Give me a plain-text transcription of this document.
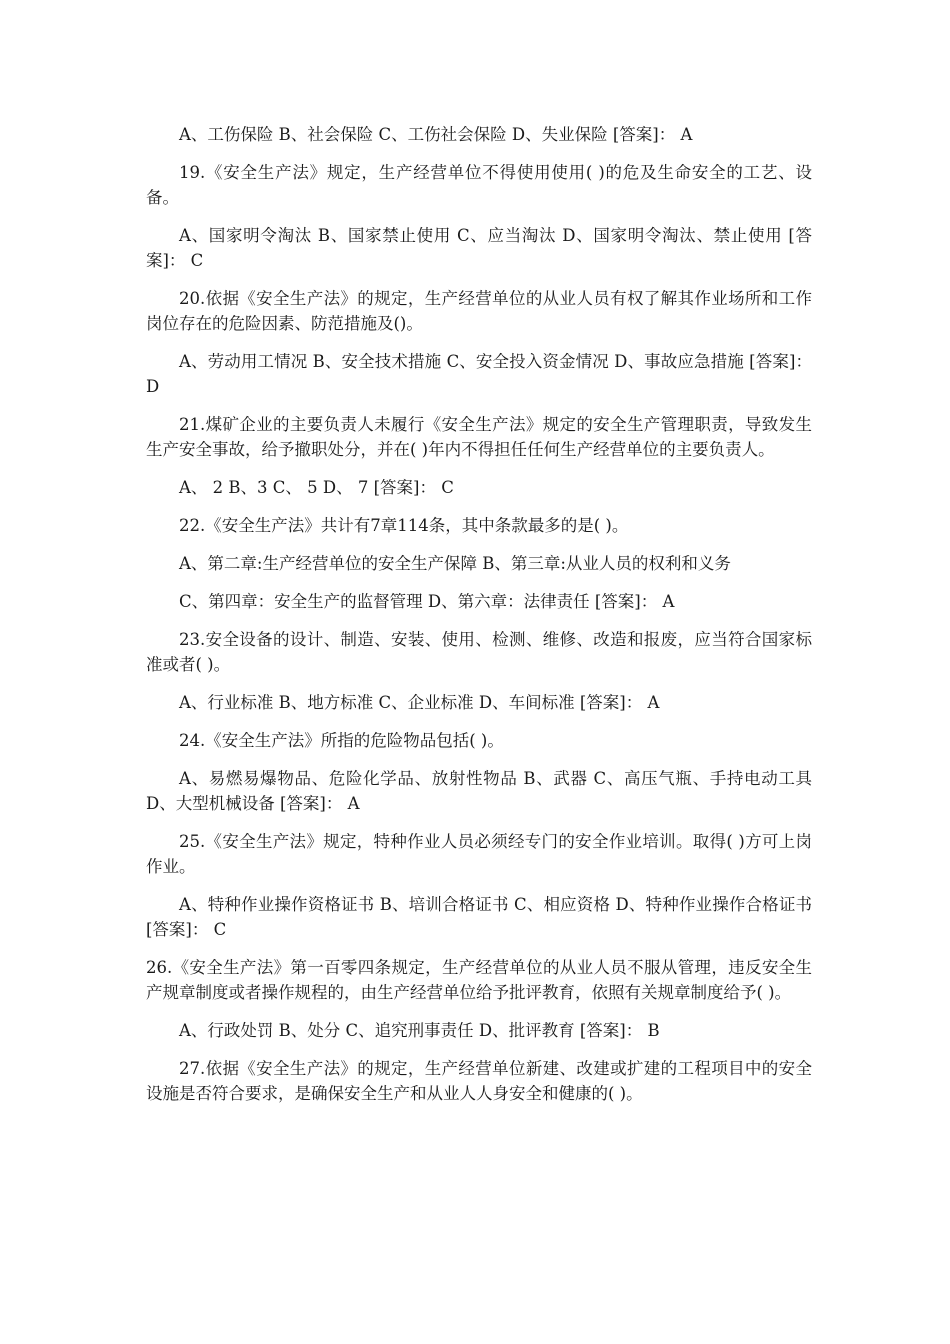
A、工伤保险 B、社会保险 C、工伤社会保险 D、失业保险 [答案]： A

19.《安全生产法》规定，生产经营单位不得使用使用( )的危及生命安全的工艺、设备。

A、国家明令淘汰 B、国家禁止使用 C、应当淘汰 D、国家明令淘汰、禁止使用 [答案]： C

20.依据《安全生产法》的规定，生产经营单位的从业人员有权了解其作业场所和工作岗位存在的危险因素、防范措施及()。

A、劳动用工情况 B、安全技术措施 C、安全投入资金情况 D、事故应急措施 [答案]： D

21.煤矿企业的主要负责人未履行《安全生产法》规定的安全生产管理职责，导致发生生产安全事故，给予撤职处分，并在( )年内不得担任任何生产经营单位的主要负责人。

A、 2 B、3 C、 5 D、 7 [答案]： C

22.《安全生产法》共计有7章114条，其中条款最多的是( )。

A、第二章:生产经营单位的安全生产保障 B、第三章:从业人员的权利和义务

C、第四章：安全生产的监督管理 D、第六章：法律责任 [答案]： A

23.安全设备的设计、制造、安装、使用、检测、维修、改造和报废，应当符合国家标准或者( )。

A、行业标准 B、地方标准 C、企业标准 D、车间标准 [答案]： A

24.《安全生产法》所指的危险物品包括( )。

A、易燃易爆物品、危险化学品、放射性物品 B、武器 C、高压气瓶、手持电动工具 D、大型机械设备 [答案]： A

25.《安全生产法》规定，特种作业人员必须经专门的安全作业培训。取得( )方可上岗作业。

A、特种作业操作资格证书 B、培训合格证书 C、相应资格 D、特种作业操作合格证书 [答案]： C

26.《安全生产法》第一百零四条规定，生产经营单位的从业人员不服从管理，违反安全生产规章制度或者操作规程的，由生产经营单位给予批评教育，依照有关规章制度给予( )。

A、行政处罚 B、处分 C、追究刑事责任 D、批评教育 [答案]： B

27.依据《安全生产法》的规定，生产经营单位新建、改建或扩建的工程项目中的安全设施是否符合要求，是确保安全生产和从业人人身安全和健康的( )。
